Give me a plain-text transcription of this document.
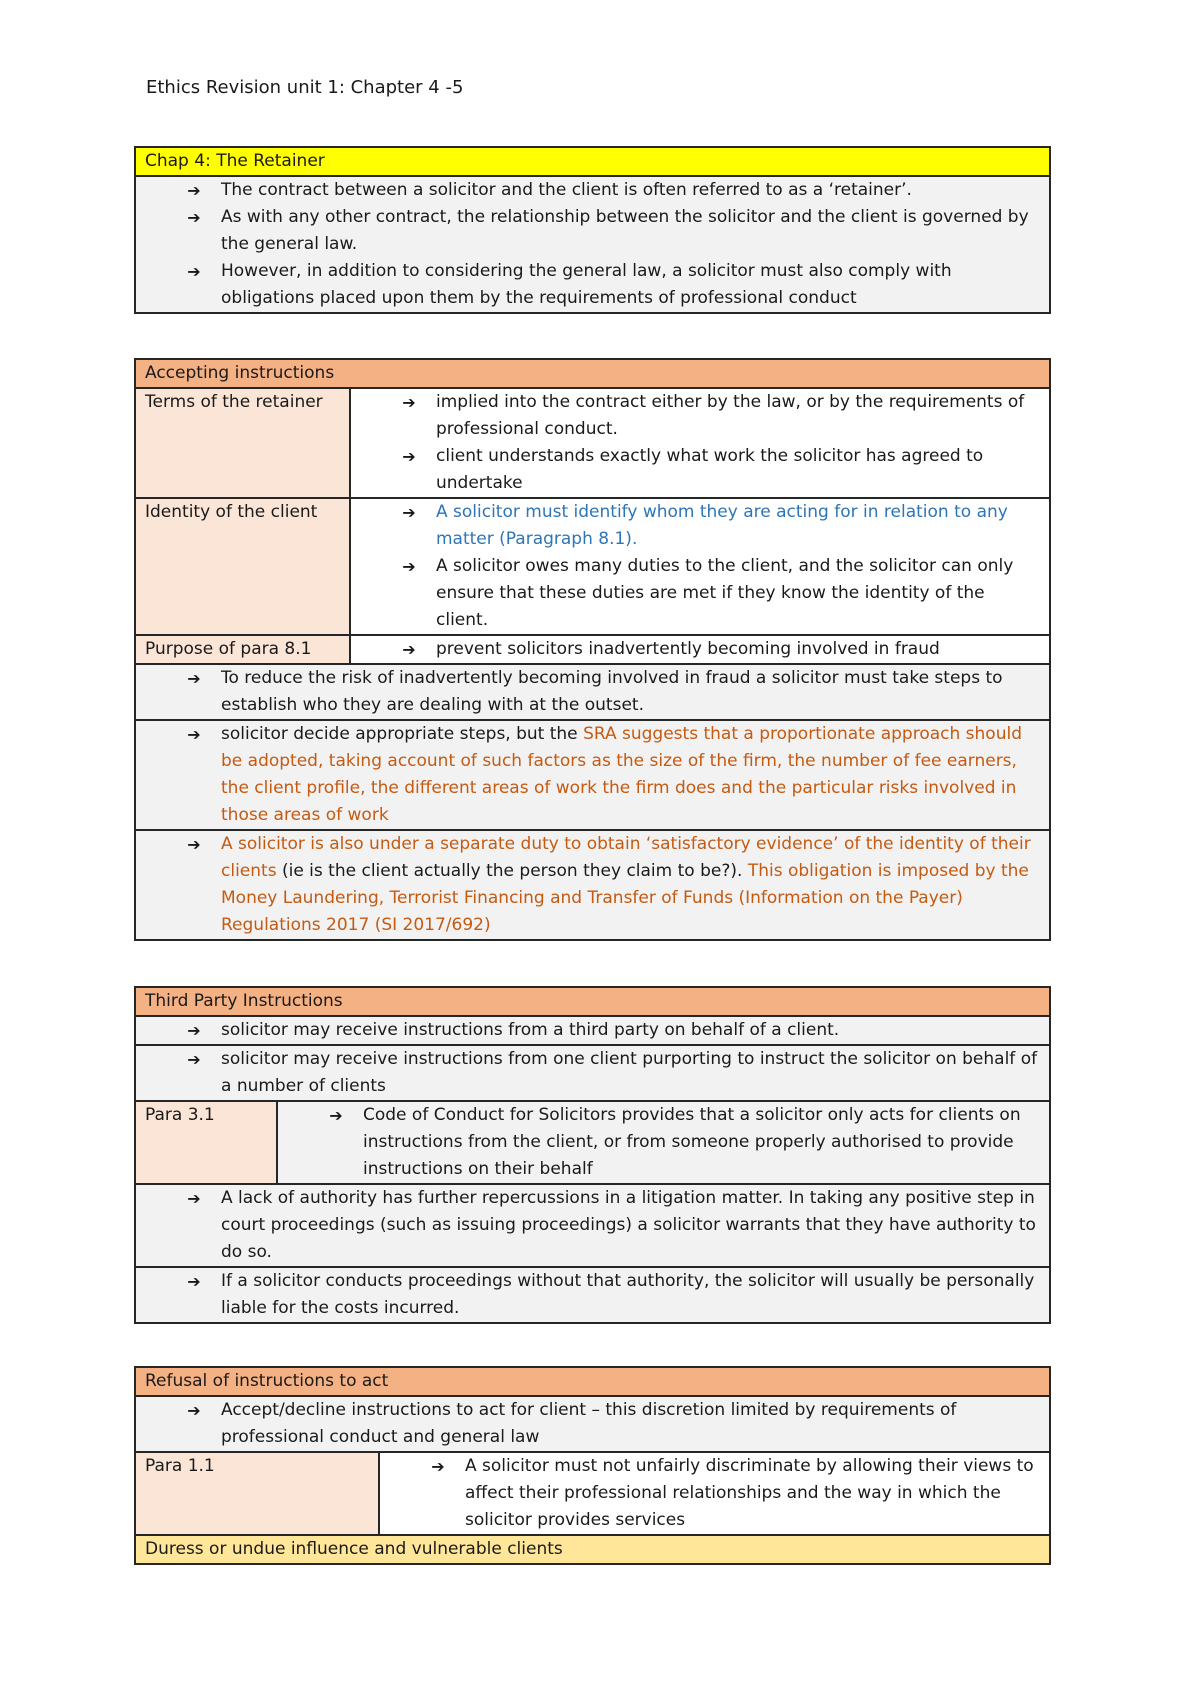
Ethics Revision unit 1: Chapter 4 -5
Chap 4: The Retainer

➔	The contract between a solicitor and the client is often referred to as a ‘retainer’.
➔	As with any other contract, the relationship between the solicitor and the client is governed by the general law.
➔	However, in addition to considering the general law, a solicitor must also comply with obligations placed upon them by the requirements of professional conduct
Accepting instructions	
Terms of the retainer	➔ implied into the contract either by the law, or by the requirements of professional conduct.
➔ client understands exactly what work the solicitor has agreed to undertake

Identity of the client	➔ A solicitor must identify whom they are acting for in relation to any matter (Paragraph 8.1).
➔ A solicitor owes many duties to the client, and the solicitor can only ensure that these duties are met if they know the identity of the client.

Purpose of para 8.1	➔ prevent solicitors inadvertently becoming involved in fraud

➔ To reduce the risk of inadvertently becoming involved in fraud a solicitor must take steps to establish who they are dealing with at the outset.	

➔ solicitor decide appropriate steps, but the SRA suggests that a proportionate approach should be adopted, taking account of such factors as the size of the firm, the number of fee earners, the client profile, the different areas of work the firm does and the particular risks involved in those areas of work	

➔ A solicitor is also under a separate duty to obtain ‘satisfactory evidence’ of the identity of their clients (ie is the client actually the person they claim to be?). This obligation is imposed by the Money Laundering, Terrorist Financing and Transfer of Funds (Information on the Payer) Regulations 2017 (SI 2017/692)	
Third Party Instructions

➔	solicitor may receive instructions from a third party on behalf of a client.

➔	solicitor may receive instructions from one client purporting to instruct the solicitor on behalf of a number of clients

Para 3.1	➔	Code of Conduct for Solicitors provides that a solicitor only acts for clients on instructions from the client, or from someone properly authorised to provide instructions on their behalf

➔	A lack of authority has further repercussions in a litigation matter. In taking any positive step in court proceedings (such as issuing proceedings) a solicitor warrants that they have authority to do so.

➔	If a solicitor conducts proceedings without that authority, the solicitor will usually be personally liable for the costs incurred.
Refusal of instructions to act

➔	Accept/decline instructions to act for client – this discretion limited by requirements of professional conduct and general law

Para 1.1	➔	A solicitor must not unfairly discriminate by allowing their views to affect their professional relationships and the way in which the solicitor provides services

Duress or undue influence and vulnerable clients
